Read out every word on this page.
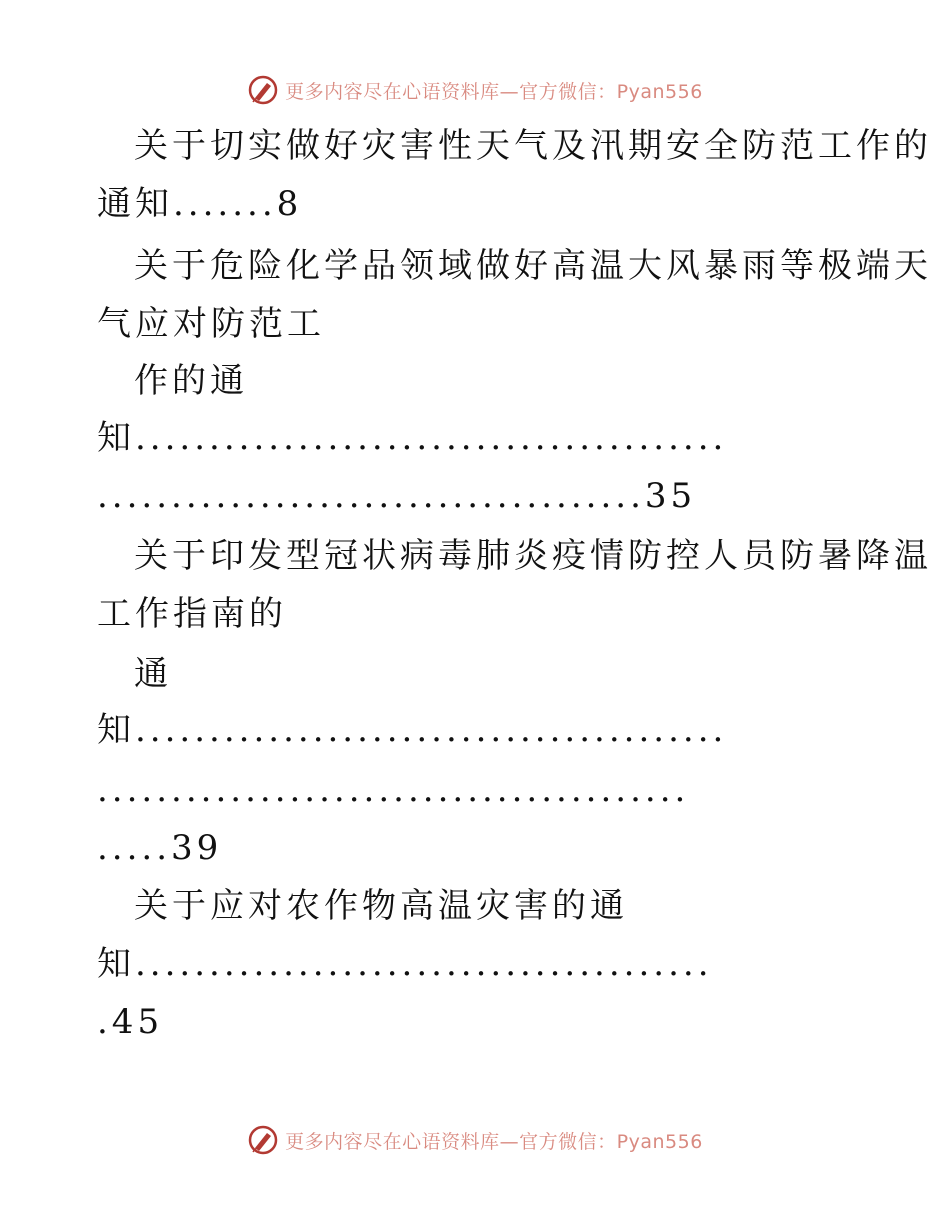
更多内容尽在心语资料库—官方微信：Pyan556
关于切实做好灾害性天气及汛期安全防范工作的
通知.......8
关于危险化学品领域做好高温大风暴雨等极端天
气应对防范工
作的通
知........................................
.....................................35
关于印发型冠状病毒肺炎疫情防控人员防暑降温
工作指南的
通
知........................................
........................................
.....39
关于应对农作物高温灾害的通
知.......................................
.45
更多内容尽在心语资料库—官方微信：Pyan556
